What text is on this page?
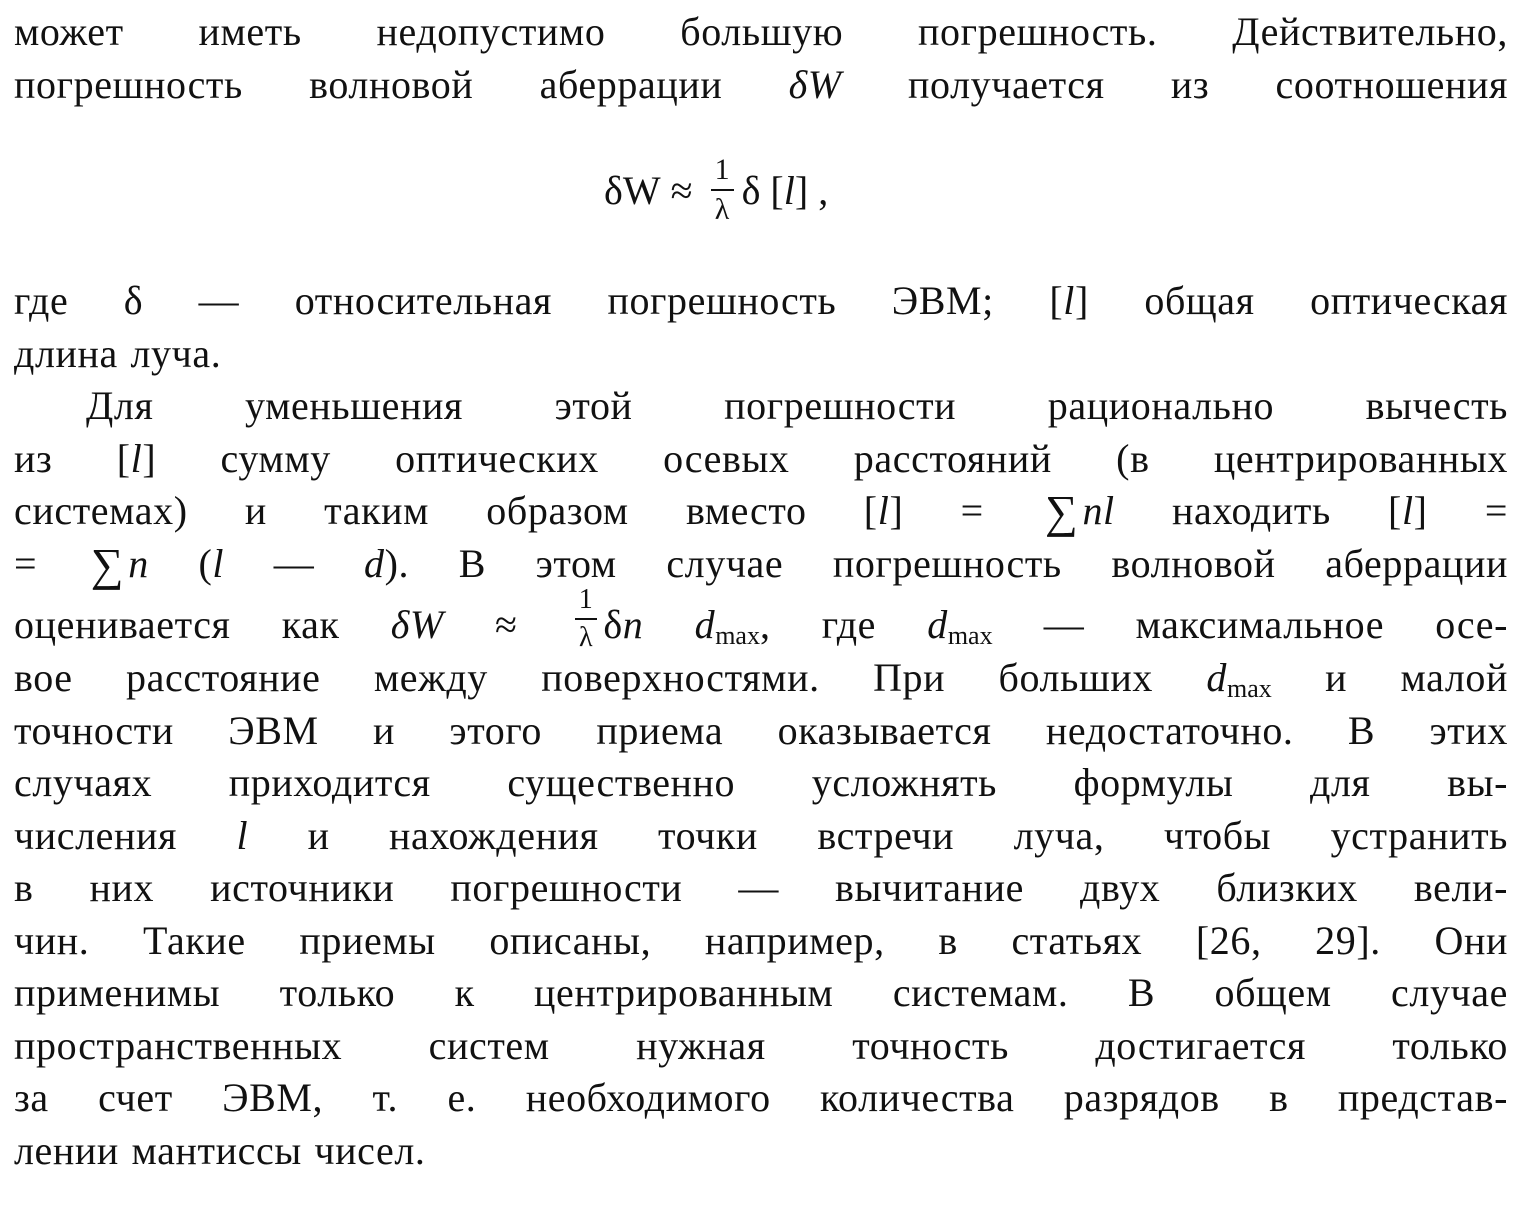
может иметь недопустимо большую погрешность. Действительно,
погрешность волновой аберрации δW получается из соотношения
$\delta W \approx \frac{1}{\lambda}$ δ [ l ] ,
где δ — относительная погрешность ЭВМ; [l] общая оптическая
длина луча.
Для уменьшения этой погрешности рационально вычесть
из [l] сумму оптических осевых расстояний (в центрированных
системах) и таким образом вместо [l] = ∑ nl находить [l] =
= ∑ n (l — d). В этом случае погрешность волновой аберрации
оценивается как $\delta W \approx \frac{1}{\lambda}$ δn $d_{max}$, где $d_{max}$ — максимальное осе-
вое расстояние между поверхностями. При больших $d_{max}$ и малой
точности ЭВМ и этого приема оказывается недостаточно. В этих
случаях приходится существенно усложнять формулы для вы-
числения l и нахождения точки встречи луча, чтобы устранить
в них источники погрешности — вычитание двух близких вели-
чин. Такие приемы описаны, например, в статьях [26, 29]. Они
применимы только к центрированным системам. В общем случае
пространственных систем нужная точность достигается только
за счет ЭВМ, т. е. необходимого количества разрядов в представ-
лении мантиссы чисел.
